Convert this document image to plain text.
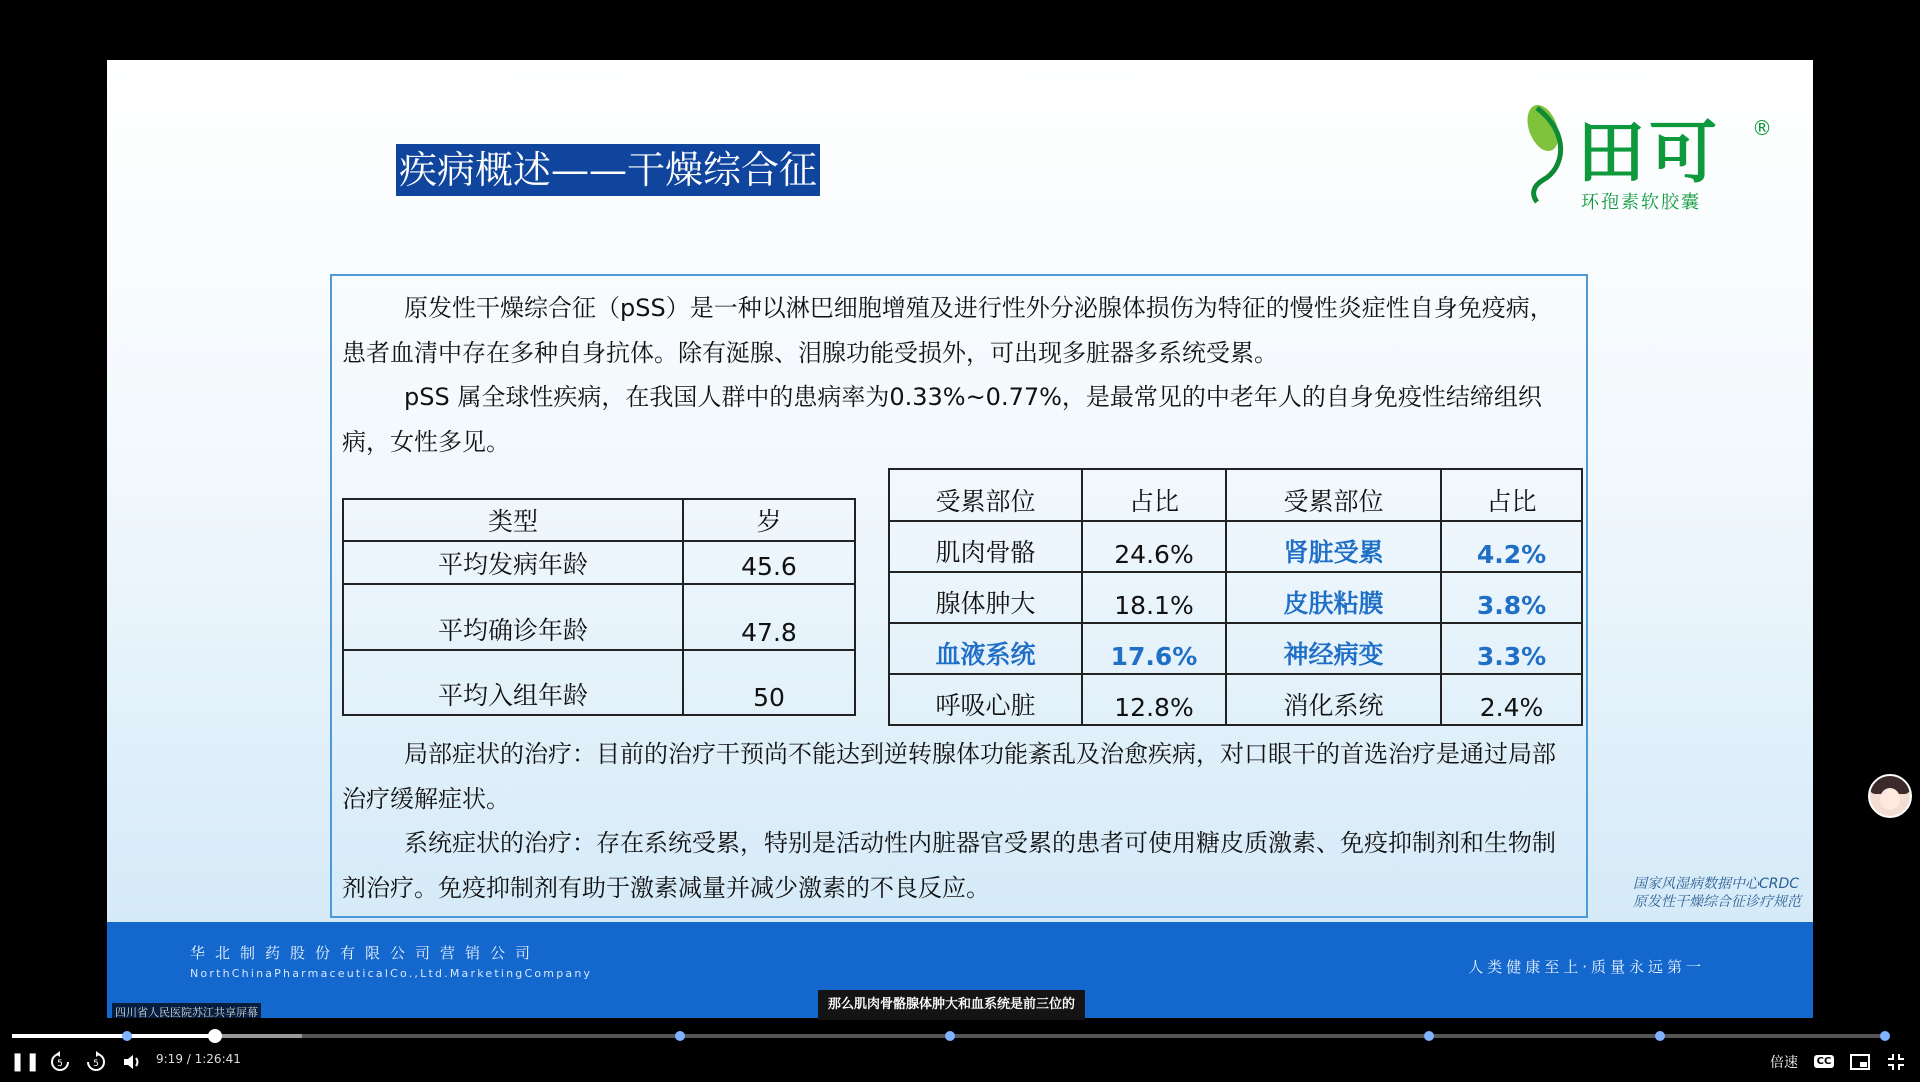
疾病概述——干燥综合征	田可 ®
环孢素软胶囊
原发性干燥综合征（pSS）是一种以淋巴细胞增殖及进行性外分泌腺体损伤为特征的慢性炎症性自身免疫病，患者血清中存在多种自身抗体。除有涎腺、泪腺功能受损外，可出现多脏器多系统受累。
pSS 属全球性疾病，在我国人群中的患病率为0.33%~0.77%，是最常见的中老年人的自身免疫性结缔组织病，女性多见。
类型	岁
平均发病年龄	45.6
平均确诊年龄	47.8
平均入组年龄	50
受累部位	占比	受累部位	占比
肌肉骨骼	24.6%	肾脏受累	4.2%
腺体肿大	18.1%	皮肤粘膜	3.8%
血液系统	17.6%	神经病变	3.3%
呼吸心脏	12.8%	消化系统	2.4%
局部症状的治疗：目前的治疗干预尚不能达到逆转腺体功能紊乱及治愈疾病，对口眼干的首选治疗是通过局部治疗缓解症状。
系统症状的治疗：存在系统受累，特别是活动性内脏器官受累的患者可使用糖皮质激素、免疫抑制剂和生物制剂治疗。免疫抑制剂有助于激素减量并减少激素的不良反应。	国家风湿病数据中心CRDC
原发性干燥综合征诊疗规范
华北制药股份有限公司营销公司
NorthChinaPharmaceuticalCo.,Ltd.MarketingCompany	人类健康至上·质量永远第一
四川省人民医院苏江共享屏幕
那么肌肉骨骼腺体肿大和血系统是前三位的
❚❚ 5	5	9:19 / 1:26:41	倍速	CC
